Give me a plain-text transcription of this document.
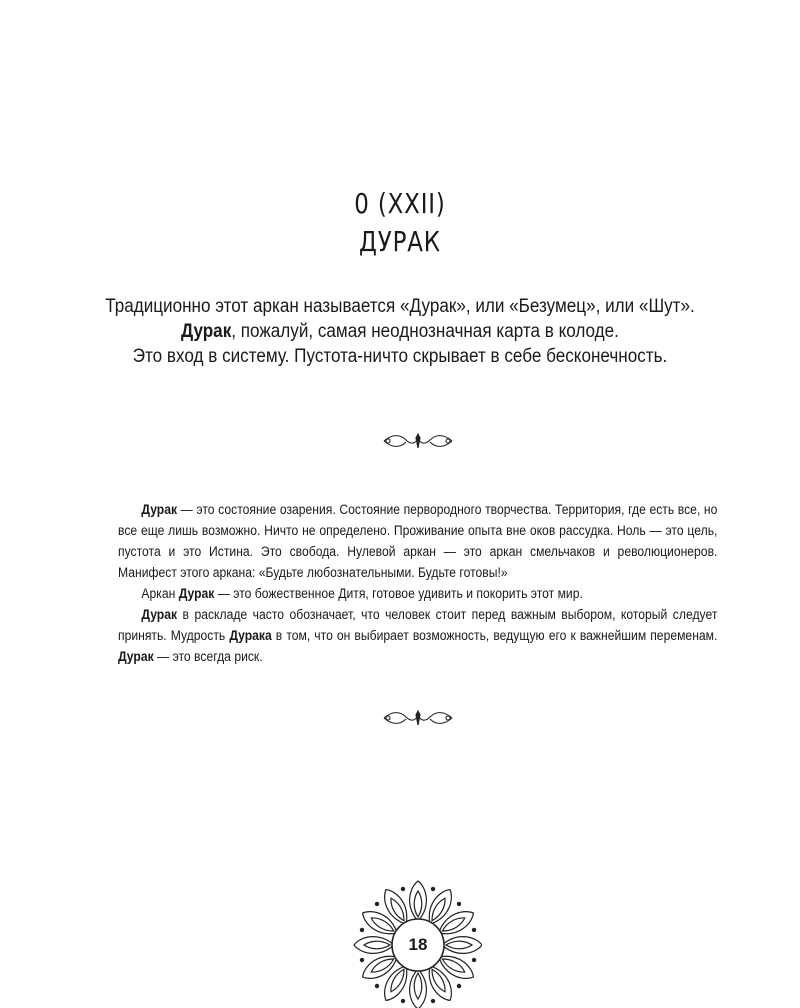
0 (XXII)
ДУРАК

Традиционно этот аркан называется «Дурак», или «Безумец», или «Шут».

Дурак, пожалуй, самая неоднозначная карта в колоде.

Это вход в систему. Пустота-ничто скрывает в себе бесконечность.

Дурак — это состояние озарения. Состояние первородного творчества. Территория, где есть все, но все еще лишь возможно. Ничто не определено. Проживание опыта вне оков рассудка. Ноль — это цель, пустота и это Истина. Это свобода. Нулевой аркан — это аркан смельчаков и революционеров. Манифест этого аркана: «Будьте любознательными. Будьте готовы!»

Аркан Дурак — это божественное Дитя, готовое удивить и покорить этот мир.

Дурак в раскладе часто обозначает, что человек стоит перед важным выбором, который следует принять. Мудрость Дурака в том, что он выбирает возможность, ведущую его к важнейшим переменам. Дурак — это всегда риск.

18
